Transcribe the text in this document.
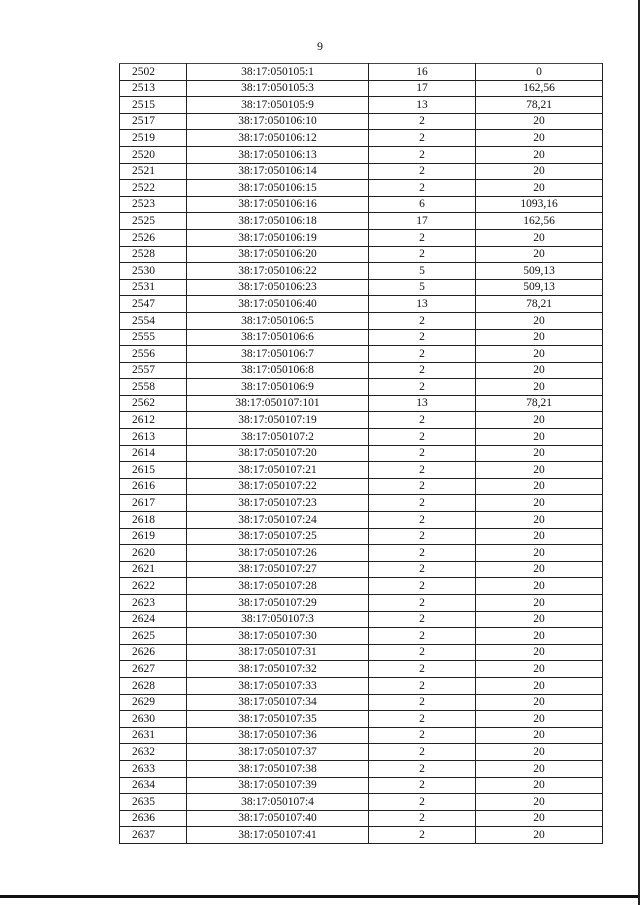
9
2502	38:17:050105:1	16	0
2513	38:17:050105:3	17	162,56
2515	38:17:050105:9	13	78,21
2517	38:17:050106:10	2	20
2519	38:17:050106:12	2	20
2520	38:17:050106:13	2	20
2521	38:17:050106:14	2	20
2522	38:17:050106:15	2	20
2523	38:17:050106:16	6	1093,16
2525	38:17:050106:18	17	162,56
2526	38:17:050106:19	2	20
2528	38:17:050106:20	2	20
2530	38:17:050106:22	5	509,13
2531	38:17:050106:23	5	509,13
2547	38:17:050106:40	13	78,21
2554	38:17:050106:5	2	20
2555	38:17:050106:6	2	20
2556	38:17:050106:7	2	20
2557	38:17:050106:8	2	20
2558	38:17:050106:9	2	20
2562	38:17:050107:101	13	78,21
2612	38:17:050107:19	2	20
2613	38:17:050107:2	2	20
2614	38:17:050107:20	2	20
2615	38:17:050107:21	2	20
2616	38:17:050107:22	2	20
2617	38:17:050107:23	2	20
2618	38:17:050107:24	2	20
2619	38:17:050107:25	2	20
2620	38:17:050107:26	2	20
2621	38:17:050107:27	2	20
2622	38:17:050107:28	2	20
2623	38:17:050107:29	2	20
2624	38:17:050107:3	2	20
2625	38:17:050107:30	2	20
2626	38:17:050107:31	2	20
2627	38:17:050107:32	2	20
2628	38:17:050107:33	2	20
2629	38:17:050107:34	2	20
2630	38:17:050107:35	2	20
2631	38:17:050107:36	2	20
2632	38:17:050107:37	2	20
2633	38:17:050107:38	2	20
2634	38:17:050107:39	2	20
2635	38:17:050107:4	2	20
2636	38:17:050107:40	2	20
2637	38:17:050107:41	2	20
